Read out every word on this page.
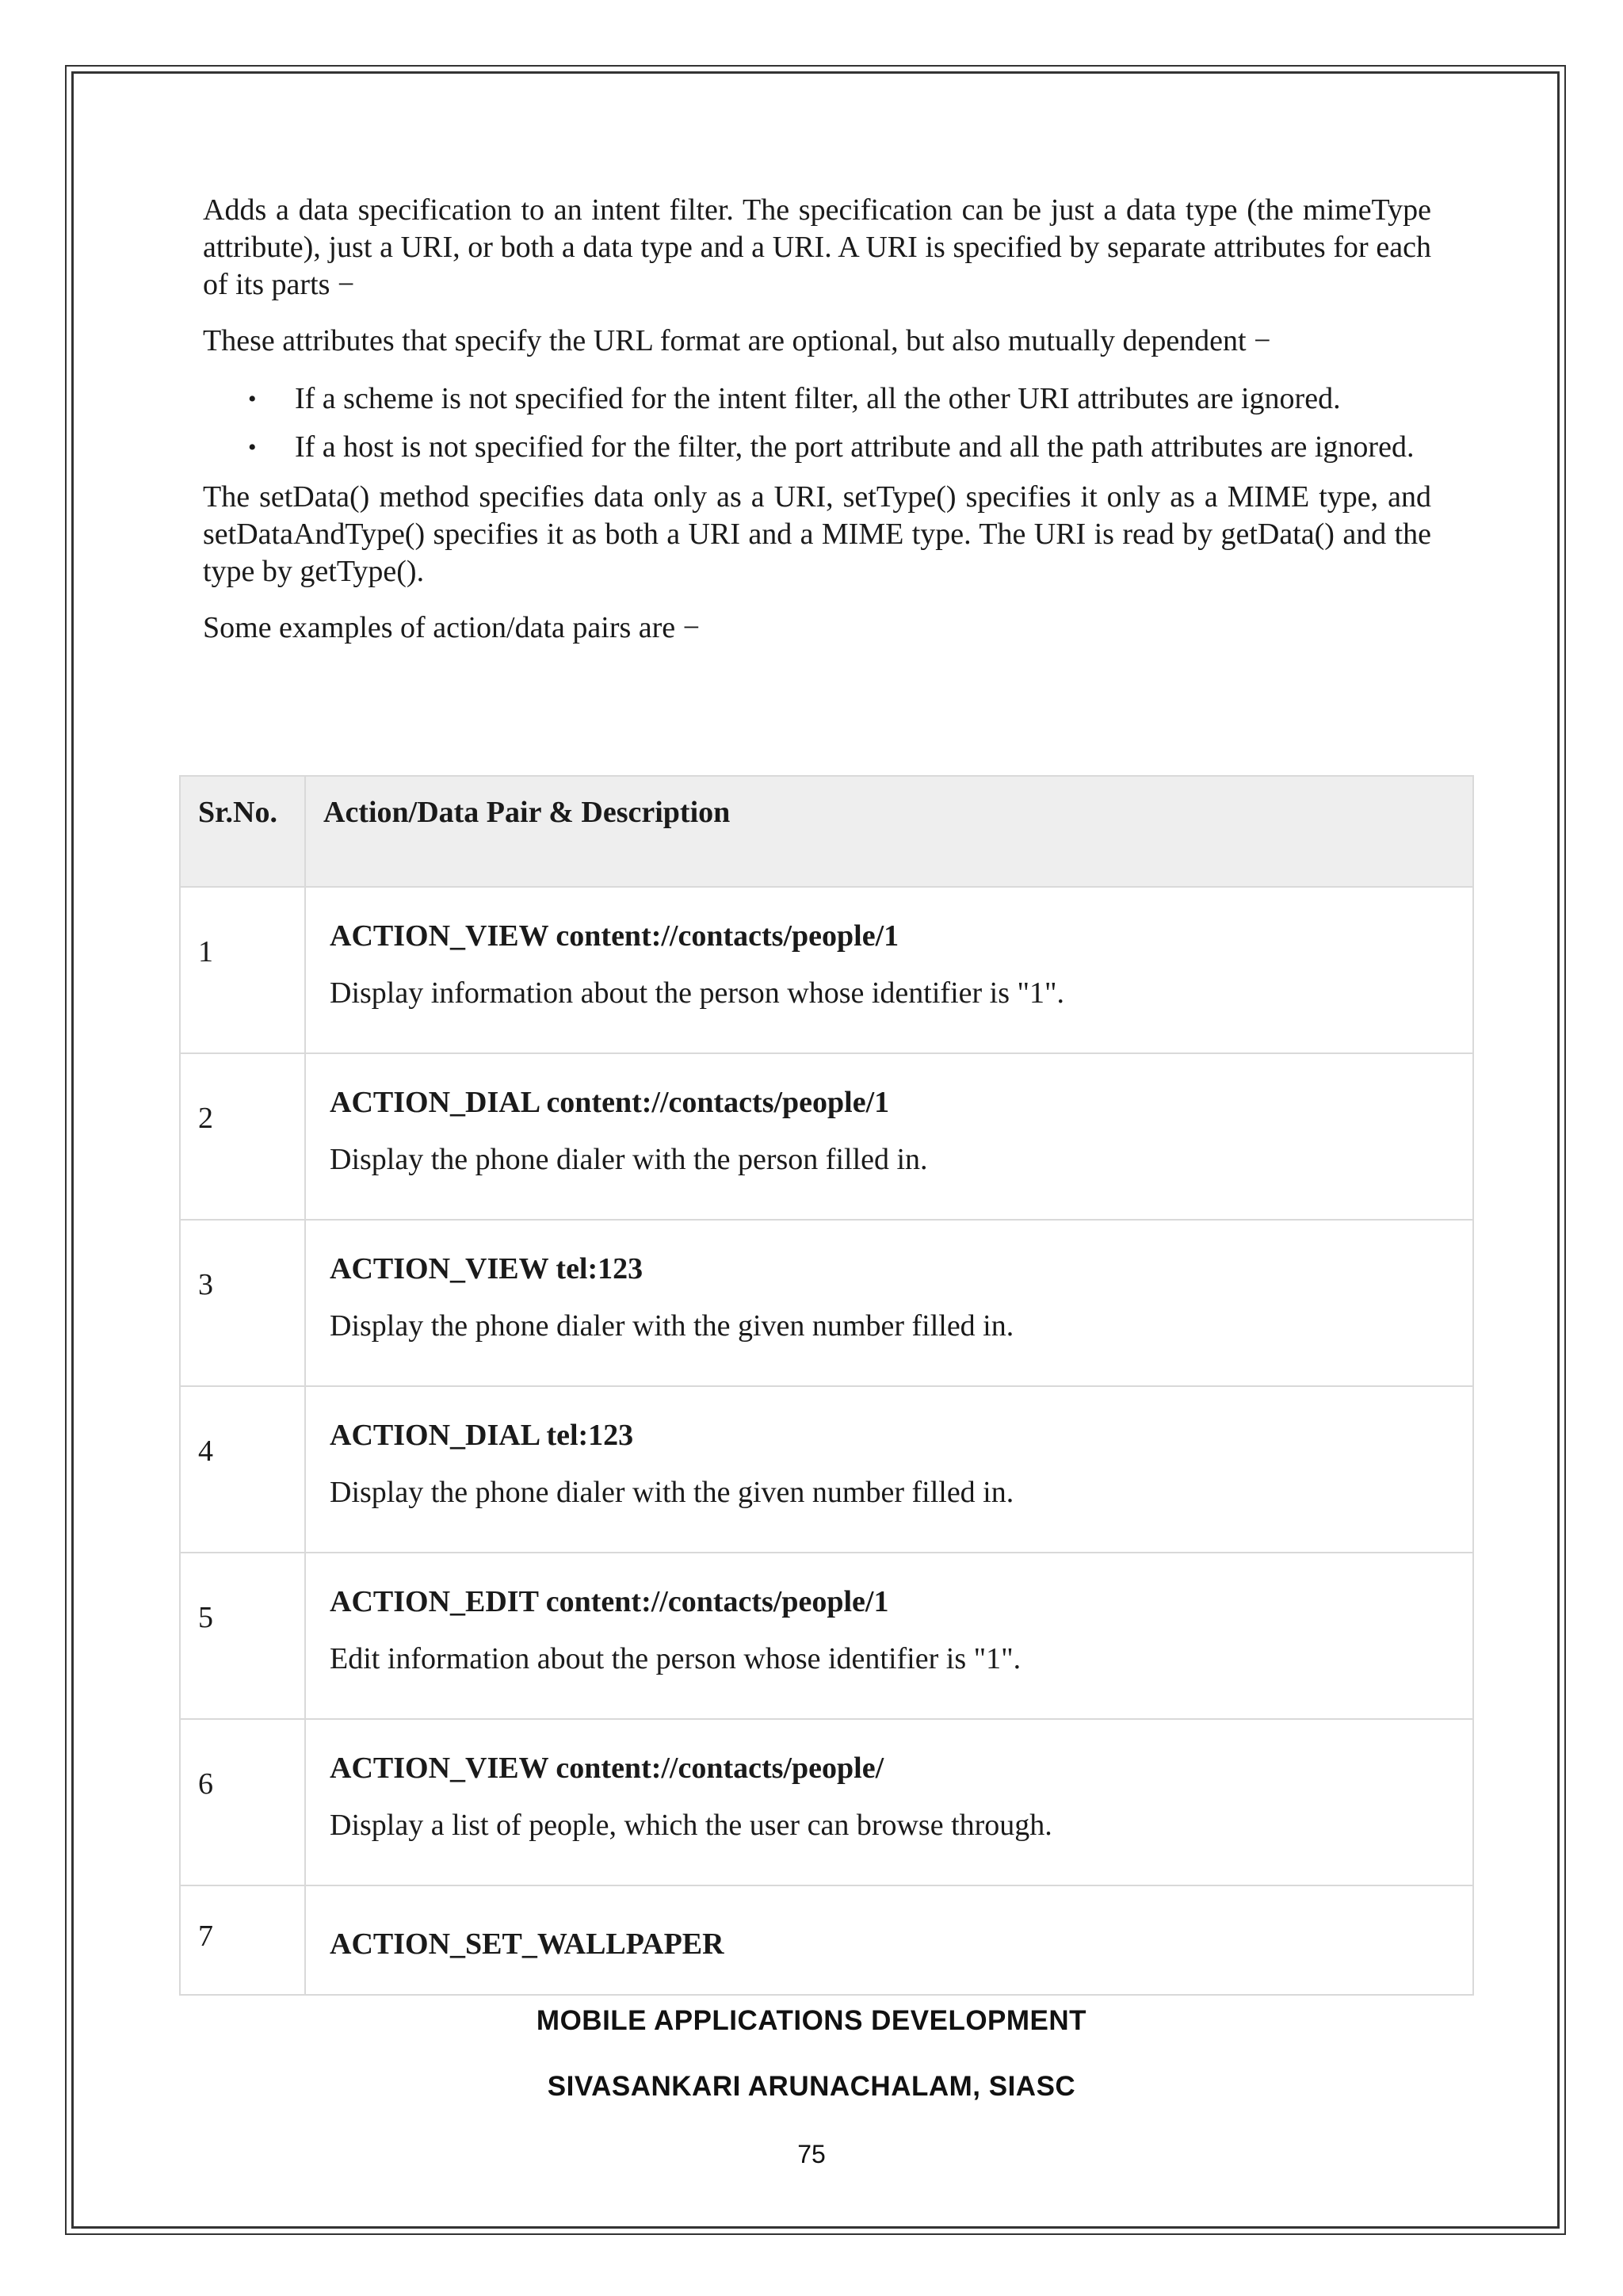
Adds a data specification to an intent filter. The specification can be just a data type (the mimeType attribute), just a URI, or both a data type and a URI. A URI is specified by separate attributes for each of its parts −

These attributes that specify the URL format are optional, but also mutually dependent −

• If a scheme is not specified for the intent filter, all the other URI attributes are ignored.
• If a host is not specified for the filter, the port attribute and all the path attributes are ignored.

The setData() method specifies data only as a URI, setType() specifies it only as a MIME type, and setDataAndType() specifies it as both a URI and a MIME type. The URI is read by getData() and the type by getType().

Some examples of action/data pairs are −

Sr.No.	Action/Data Pair & Description

1	ACTION_VIEW content://contacts/people/1
Display information about the person whose identifier is "1".

2	ACTION_DIAL content://contacts/people/1
Display the phone dialer with the person filled in.

3	ACTION_VIEW tel:123
Display the phone dialer with the given number filled in.

4	ACTION_DIAL tel:123
Display the phone dialer with the given number filled in.

5	ACTION_EDIT content://contacts/people/1
Edit information about the person whose identifier is "1".

6	ACTION_VIEW content://contacts/people/
Display a list of people, which the user can browse through.

7	ACTION_SET_WALLPAPER
MOBILE APPLICATIONS DEVELOPMENT
SIVASANKARI ARUNACHALAM, SIASC
75
